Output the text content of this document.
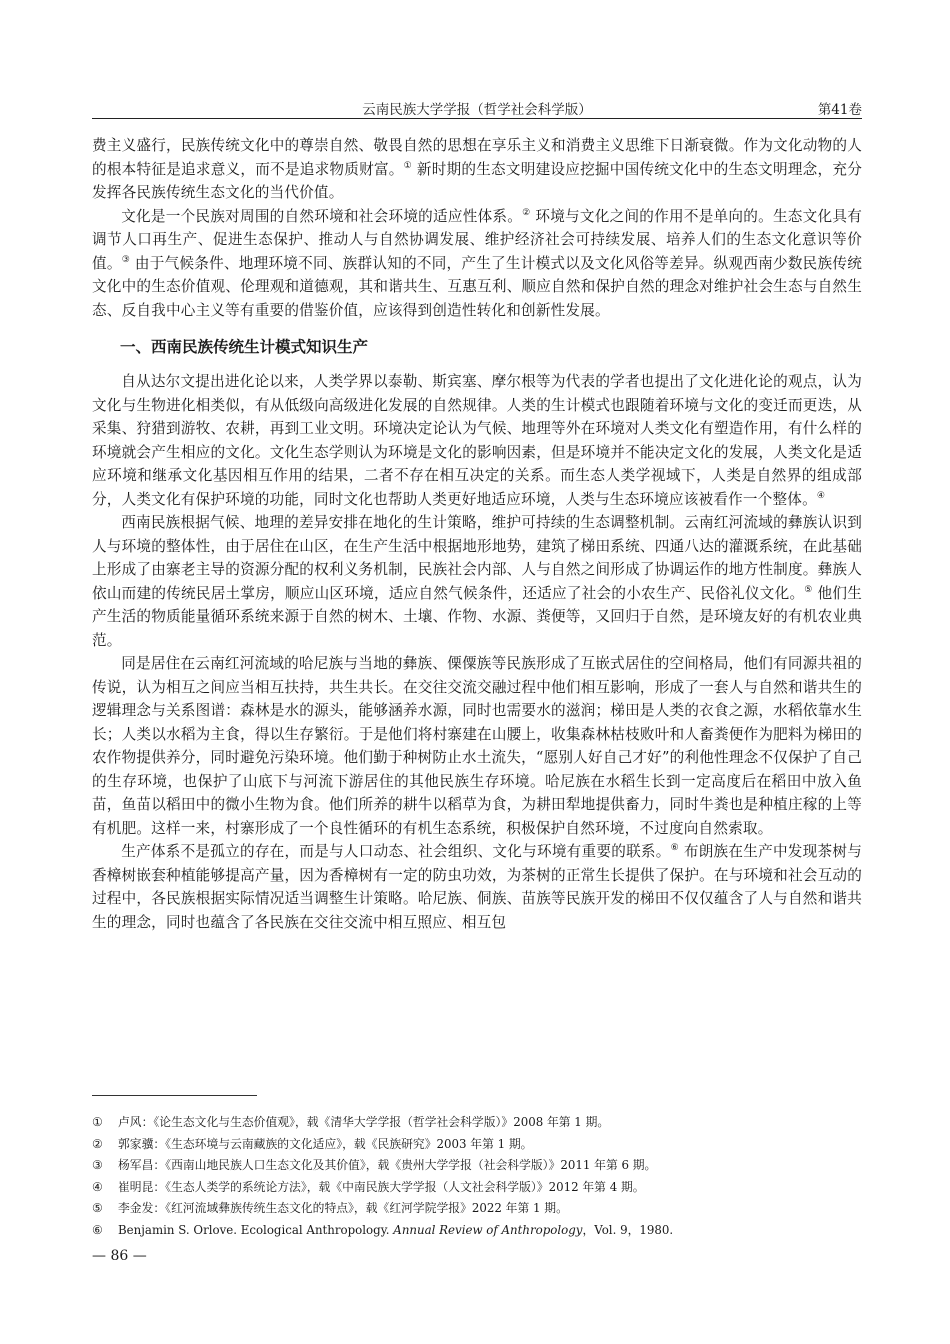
云南民族大学学报（哲学社会科学版）	第41卷

费主义盛行，民族传统文化中的尊崇自然、敬畏自然的思想在享乐主义和消费主义思维下日渐衰微。作为文化动物的人的根本特征是追求意义，而不是追求物质财富。① 新时期的生态文明建设应挖掘中国传统文化中的生态文明理念，充分发挥各民族传统生态文化的当代价值。

文化是一个民族对周围的自然环境和社会环境的适应性体系。② 环境与文化之间的作用不是单向的。生态文化具有调节人口再生产、促进生态保护、推动人与自然协调发展、维护经济社会可持续发展、培养人们的生态文化意识等价值。③ 由于气候条件、地理环境不同、族群认知的不同，产生了生计模式以及文化风俗等差异。纵观西南少数民族传统文化中的生态价值观、伦理观和道德观，其和谐共生、互惠互利、顺应自然和保护自然的理念对维护社会生态与自然生态、反自我中心主义等有重要的借鉴价值，应该得到创造性转化和创新性发展。

一、西南民族传统生计模式知识生产

自从达尔文提出进化论以来，人类学界以泰勒、斯宾塞、摩尔根等为代表的学者也提出了文化进化论的观点，认为文化与生物进化相类似，有从低级向高级进化发展的自然规律。人类的生计模式也跟随着环境与文化的变迁而更迭，从采集、狩猎到游牧、农耕，再到工业文明。环境决定论认为气候、地理等外在环境对人类文化有塑造作用，有什么样的环境就会产生相应的文化。文化生态学则认为环境是文化的影响因素，但是环境并不能决定文化的发展，人类文化是适应环境和继承文化基因相互作用的结果，二者不存在相互决定的关系。而生态人类学视域下，人类是自然界的组成部分，人类文化有保护环境的功能，同时文化也帮助人类更好地适应环境，人类与生态环境应该被看作一个整体。④

西南民族根据气候、地理的差异安排在地化的生计策略，维护可持续的生态调整机制。云南红河流域的彝族认识到人与环境的整体性，由于居住在山区，在生产生活中根据地形地势，建筑了梯田系统、四通八达的灌溉系统，在此基础上形成了由寨老主导的资源分配的权利义务机制，民族社会内部、人与自然之间形成了协调运作的地方性制度。彝族人依山而建的传统民居土掌房，顺应山区环境，适应自然气候条件，还适应了社会的小农生产、民俗礼仪文化。⑤ 他们生产生活的物质能量循环系统来源于自然的树木、土壤、作物、水源、粪便等，又回归于自然，是环境友好的有机农业典范。

同是居住在云南红河流域的哈尼族与当地的彝族、傈僳族等民族形成了互嵌式居住的空间格局，他们有同源共祖的传说，认为相互之间应当相互扶持，共生共长。在交往交流交融过程中他们相互影响，形成了一套人与自然和谐共生的逻辑理念与关系图谱：森林是水的源头，能够涵养水源，同时也需要水的滋润；梯田是人类的衣食之源，水稻依靠水生长；人类以水稻为主食，得以生存繁衍。于是他们将村寨建在山腰上，收集森林枯枝败叶和人畜粪便作为肥料为梯田的农作物提供养分，同时避免污染环境。他们勤于种树防止水土流失，“愿别人好自己才好”的利他性理念不仅保护了自己的生存环境，也保护了山底下与河流下游居住的其他民族生存环境。哈尼族在水稻生长到一定高度后在稻田中放入鱼苗，鱼苗以稻田中的微小生物为食。他们所养的耕牛以稻草为食，为耕田犁地提供畜力，同时牛粪也是种植庄稼的上等有机肥。这样一来，村寨形成了一个良性循环的有机生态系统，积极保护自然环境，不过度向自然索取。

生产体系不是孤立的存在，而是与人口动态、社会组织、文化与环境有重要的联系。⑥ 布朗族在生产中发现茶树与香樟树嵌套种植能够提高产量，因为香樟树有一定的防虫功效，为茶树的正常生长提供了保护。在与环境和社会互动的过程中，各民族根据实际情况适当调整生计策略。哈尼族、侗族、苗族等民族开发的梯田不仅仅蕴含了人与自然和谐共生的理念，同时也蕴含了各民族在交往交流中相互照应、相互包

① 卢风：《论生态文化与生态价值观》，载《清华大学学报（哲学社会科学版）》2008 年第 1 期。
② 郭家骥：《生态环境与云南藏族的文化适应》，载《民族研究》2003 年第 1 期。
③ 杨军昌：《西南山地民族人口生态文化及其价值》，载《贵州大学学报（社会科学版）》2011 年第 6 期。
④ 崔明昆：《生态人类学的系统论方法》，载《中南民族大学学报（人文社会科学版）》2012 年第 4 期。
⑤ 李金发：《红河流域彝族传统生态文化的特点》，载《红河学院学报》2022 年第 1 期。
⑥ Benjamin S. Orlove. Ecological Anthropology. Annual Review of Anthropology，Vol. 9，1980.
— 86 —
